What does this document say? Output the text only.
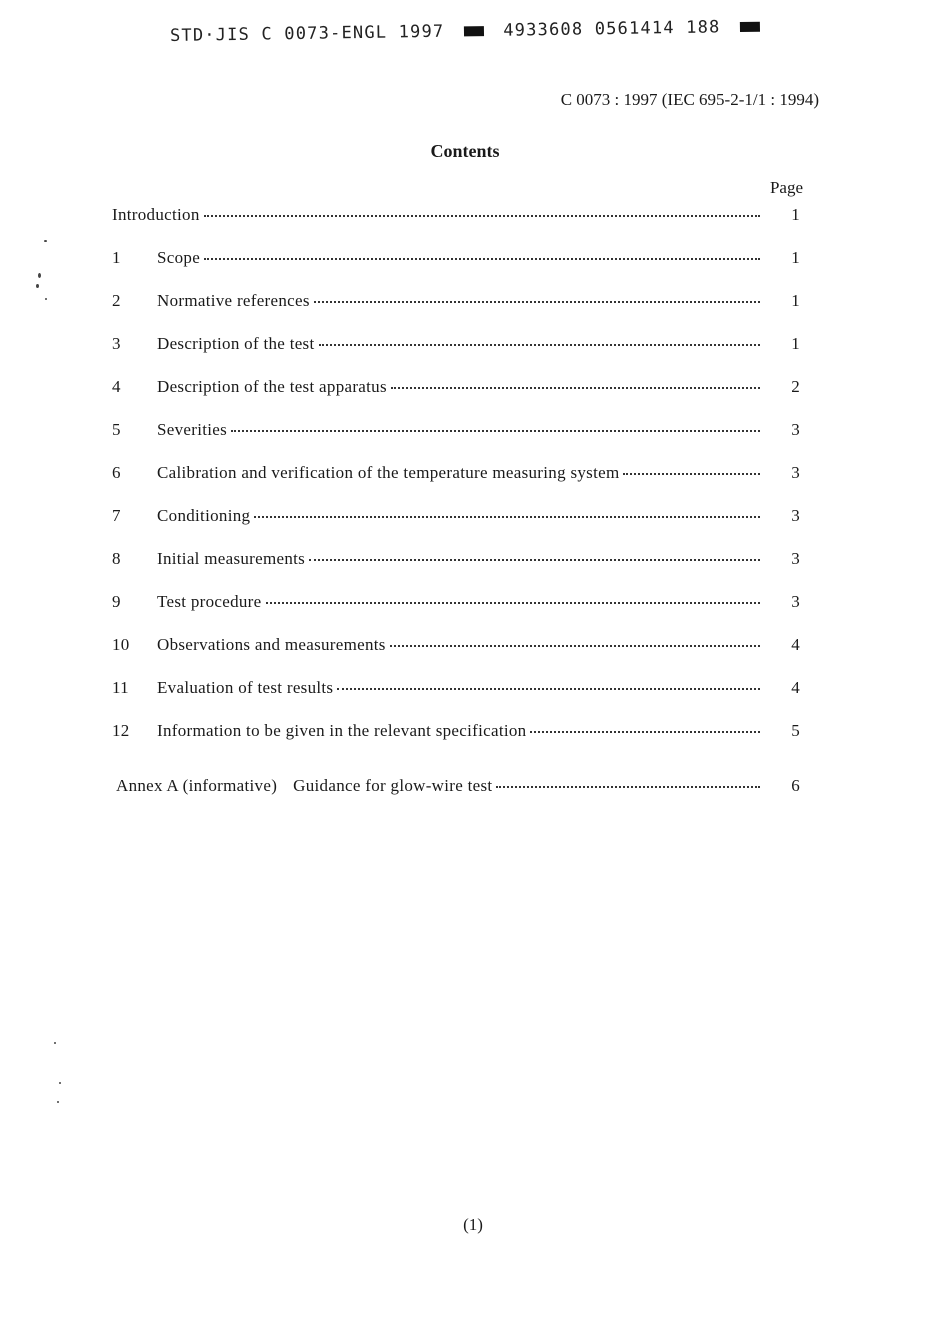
STD·JIS C 0073-ENGL 1997	4933608 0561414 188
C 0073 : 1997 (IEC 695-2-1/1 : 1994)
Contents
Page
Introduction	1
1	Scope	1
2	Normative references	1
3	Description of the test	1
4	Description of the test apparatus	2
5	Severities	3
6	Calibration and verification of the temperature measuring system	3
7	Conditioning	3
8	Initial measurements	3
9	Test procedure	3
10	Observations and measurements	4
11	Evaluation of test results	4
12	Information to be given in the relevant specification	5
Annex A (informative) Guidance for glow-wire test	6
(1)
